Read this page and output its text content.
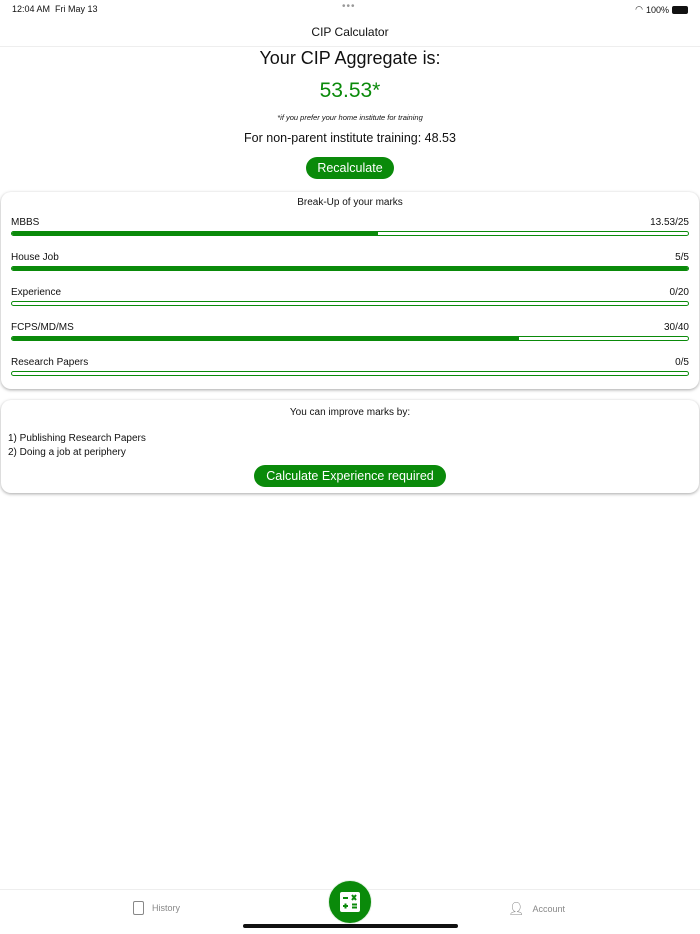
12:04 AM Fri May 13	•••	◠ 100%
CIP Calculator
Your CIP Aggregate is:
53.53*
*if you prefer your home institute for training
For non-parent institute training: 48.53
Recalculate
Break-Up of your marks
MBBS	13.53/25
House Job	5/5
Experience	0/20
FCPS/MD/MS	30/40
Research Papers	0/5
You can improve marks by:
1) Publishing Research Papers
2) Doing a job at periphery
Calculate Experience required
History	👤︎ Account
